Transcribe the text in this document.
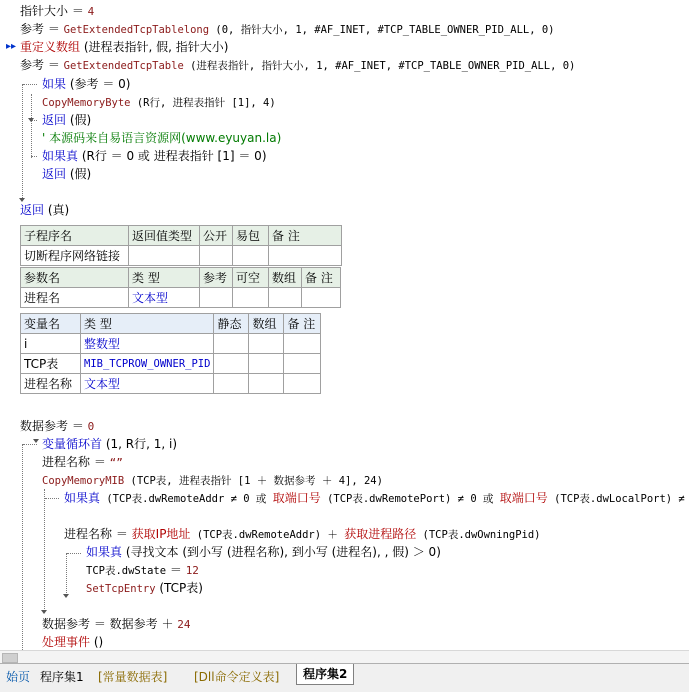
指针大小 ＝ 4
参考 ＝ GetExtendedTcpTablelong (0, 指针大小, 1, #AF_INET, #TCP_TABLE_OWNER_PID_ALL, 0)
▸▸ 重定义数组 (进程表指针, 假, 指针大小)
参考 ＝ GetExtendedTcpTable (进程表指针, 指针大小, 1, #AF_INET, #TCP_TABLE_OWNER_PID_ALL, 0)
如果 (参考 ＝ 0)
CopyMemoryByte (R行, 进程表指针 [1], 4)
返回 (假)
' 本源码来自易语言资源网(www.eyuyan.la)
如果真 (R行 ＝ 0 或 进程表指针 [1] ＝ 0)
返回 (假)
返回 (真)
子程序名	返回值类型	公开	易包	备 注
切断程序网络链接				
参数名	类 型	参考	可空	数组	备 注
进程名	文本型				
变量名	类 型	静态	数组	备 注
i	整数型			
TCP表	MIB_TCPROW_OWNER_PID			
进程名称	文本型			
数据参考 ＝ 0
变量循环首 (1, R行, 1, i)
进程名称 ＝ “”
CopyMemoryMIB (TCP表, 进程表指针 [1 ＋ 数据参考 ＋ 4], 24)
如果真 (TCP表.dwRemoteAddr ≠ 0 或 取端口号 (TCP表.dwRemotePort) ≠ 0 或 取端口号 (TCP表.dwLocalPort) ≠
进程名称 ＝ 获取IP地址 (TCP表.dwRemoteAddr) ＋ 获取进程路径 (TCP表.dwOwningPid)
如果真 (寻找文本 (到小写 (进程名称), 到小写 (进程名), , 假) ＞ 0)
TCP表.dwState ＝ 12
SetTcpEntry (TCP表)
数据参考 ＝ 数据参考 ＋ 24
处理事件 ()
始页 程序集1	[常量数据表]	[Dll命令定义表]	程序集2
